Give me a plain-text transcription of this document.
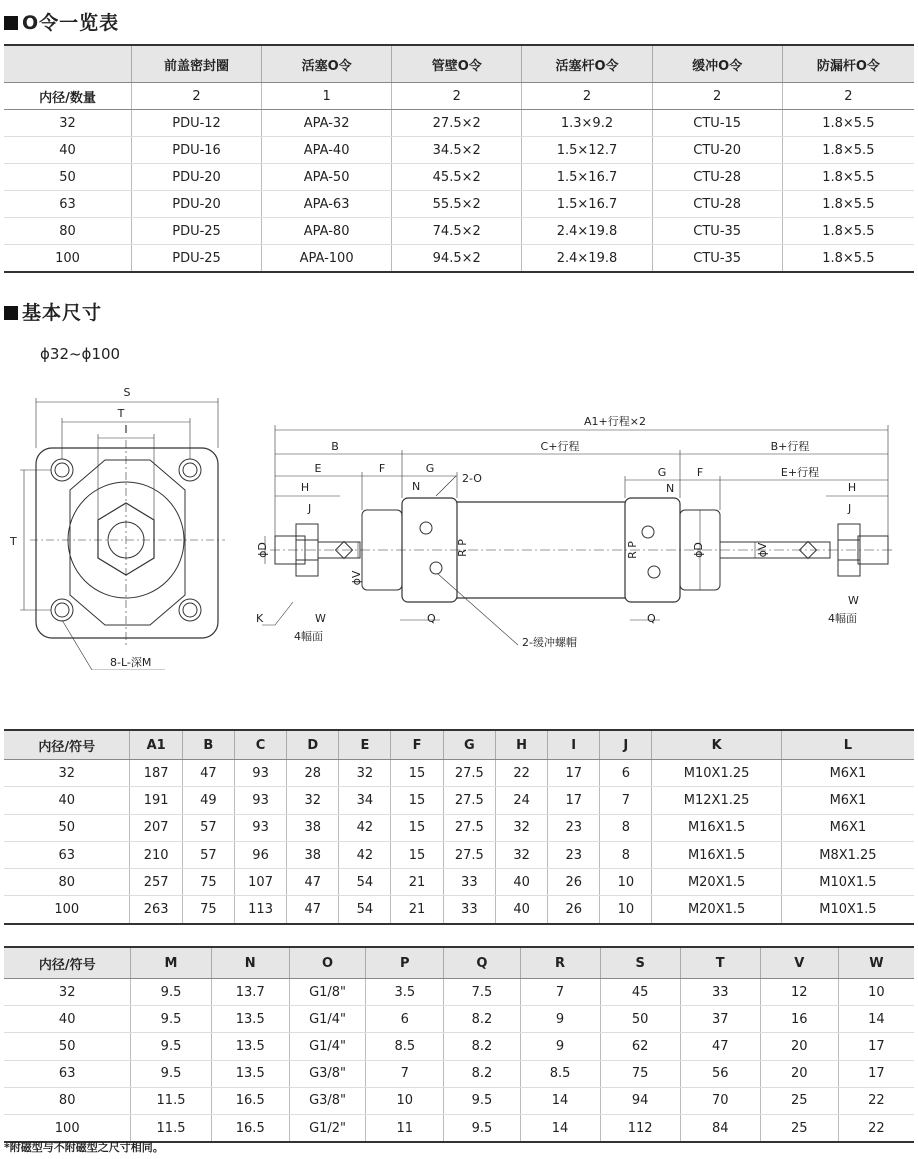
O令一览表
	前盖密封圈	活塞O令	管壁O令	活塞杆O令	缓冲O令	防漏杆O令
内径/数量	2	1	2	2	2	2
32	PDU-12	APA-32	27.5×2	1.3×9.2	CTU-15	1.8×5.5
40	PDU-16	APA-40	34.5×2	1.5×12.7	CTU-20	1.8×5.5
50	PDU-20	APA-50	45.5×2	1.5×16.7	CTU-28	1.8×5.5
63	PDU-20	APA-63	55.5×2	1.5×16.7	CTU-28	1.8×5.5
80	PDU-25	APA-80	74.5×2	2.4×19.8	CTU-35	1.8×5.5
100	PDU-25	APA-100	94.5×2	2.4×19.8	CTU-35	1.8×5.5
基本尺寸
ϕ32~ϕ100
S
T
I
T
8-L-深M
A1+行程×2
B	C+行程	B+行程
E	F	G
2-O	G	F	E+行程
H	H
N	N
J	J
ϕD
ϕV
R P	R P	ϕD	ϕV
K	W
4幅面
W
4幅面
Q	Q
2-缓冲螺帽
内径/符号	A1	B	C	D	E	F	G	H	I	J	K	L
32	187	47	93	28	32	15	27.5	22	17	6	M10X1.25	M6X1
40	191	49	93	32	34	15	27.5	24	17	7	M12X1.25	M6X1
50	207	57	93	38	42	15	27.5	32	23	8	M16X1.5	M6X1
63	210	57	96	38	42	15	27.5	32	23	8	M16X1.5	M8X1.25
80	257	75	107	47	54	21	33	40	26	10	M20X1.5	M10X1.5
100	263	75	113	47	54	21	33	40	26	10	M20X1.5	M10X1.5
内径/符号	M	N	O	P	Q	R	S	T	V	W
32	9.5	13.7	G1/8"	3.5	7.5	7	45	33	12	10
40	9.5	13.5	G1/4"	6	8.2	9	50	37	16	14
50	9.5	13.5	G1/4"	8.5	8.2	9	62	47	20	17
63	9.5	13.5	G3/8"	7	8.2	8.5	75	56	20	17
80	11.5	16.5	G3/8"	10	9.5	14	94	70	25	22
100	11.5	16.5	G1/2"	11	9.5	14	112	84	25	22
*附磁型与不附磁型之尺寸相同。
